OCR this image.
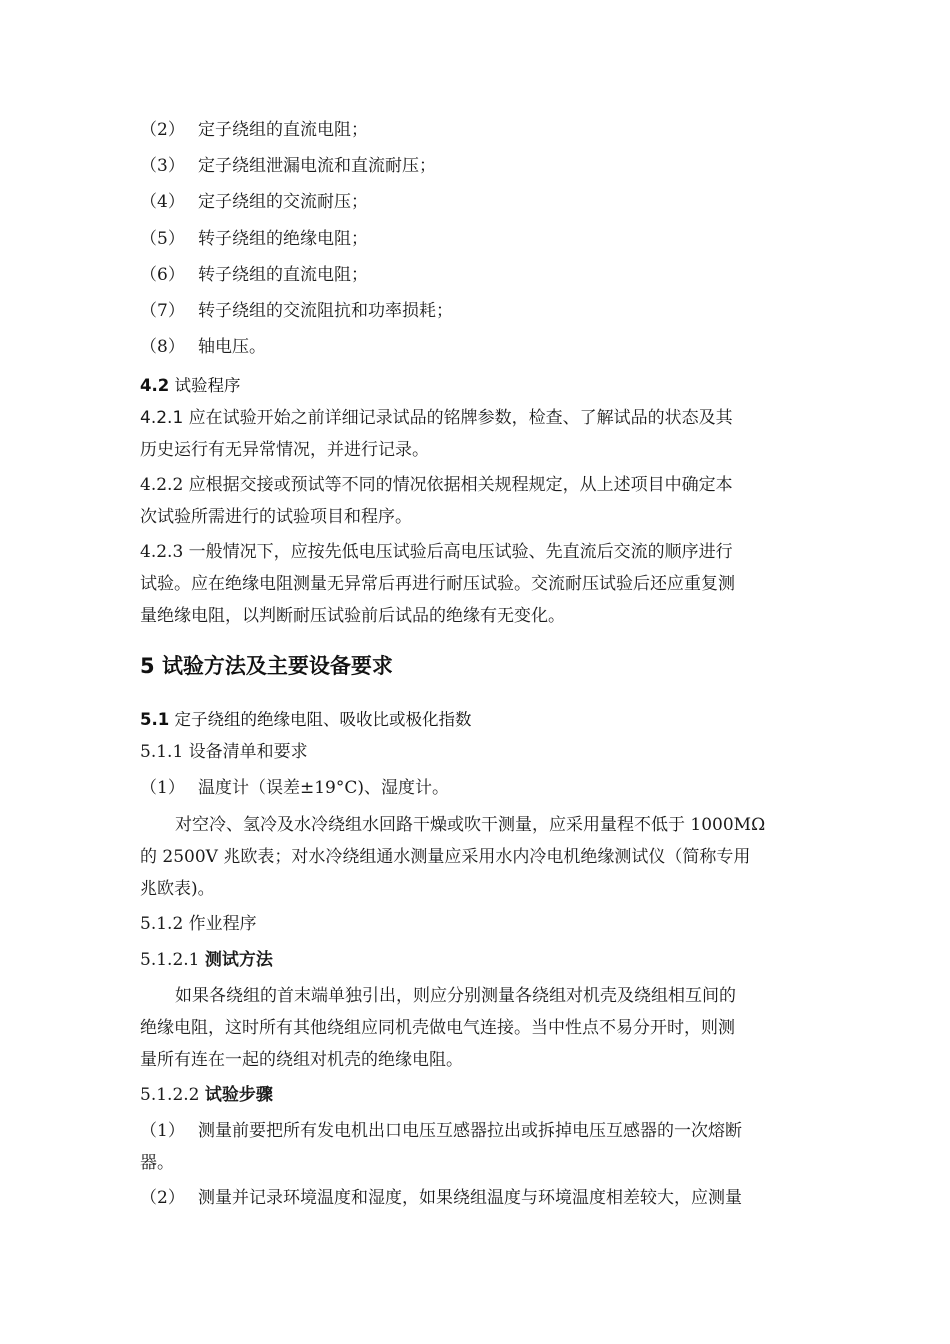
（2） 定子绕组的直流电阻；
（3） 定子绕组泄漏电流和直流耐压；
（4） 定子绕组的交流耐压；
（5） 转子绕组的绝缘电阻；
（6） 转子绕组的直流电阻；
（7） 转子绕组的交流阻抗和功率损耗；
（8） 轴电压。
4.2 试验程序
4.2.1 应在试验开始之前详细记录试品的铭牌参数，检查、了解试品的状态及其
历史运行有无异常情况，并进行记录。
4.2.2 应根据交接或预试等不同的情况依据相关规程规定，从上述项目中确定本
次试验所需进行的试验项目和程序。
4.2.3 一般情况下，应按先低电压试验后高电压试验、先直流后交流的顺序进行
试验。应在绝缘电阻测量无异常后再进行耐压试验。交流耐压试验后还应重复测
量绝缘电阻，以判断耐压试验前后试品的绝缘有无变化。
5 试验方法及主要设备要求
5.1 定子绕组的绝缘电阻、吸收比或极化指数
5.1.1 设备清单和要求
（1） 温度计（误差±19°C)、湿度计。
对空冷、氢冷及水冷绕组水回路干燥或吹干测量，应采用量程不低于 1000MΩ
的 2500V 兆欧表；对水冷绕组通水测量应采用水内冷电机绝缘测试仪（简称专用
兆欧表)。
5.1.2 作业程序
5.1.2.1 测试方法
如果各绕组的首末端单独引出，则应分别测量各绕组对机壳及绕组相互间的
绝缘电阻，这时所有其他绕组应同机壳做电气连接。当中性点不易分开时，则测
量所有连在一起的绕组对机壳的绝缘电阻。
5.1.2.2 试验步骤
（1） 测量前要把所有发电机出口电压互感器拉出或拆掉电压互感器的一次熔断
器。
（2） 测量并记录环境温度和湿度，如果绕组温度与环境温度相差较大，应测量
